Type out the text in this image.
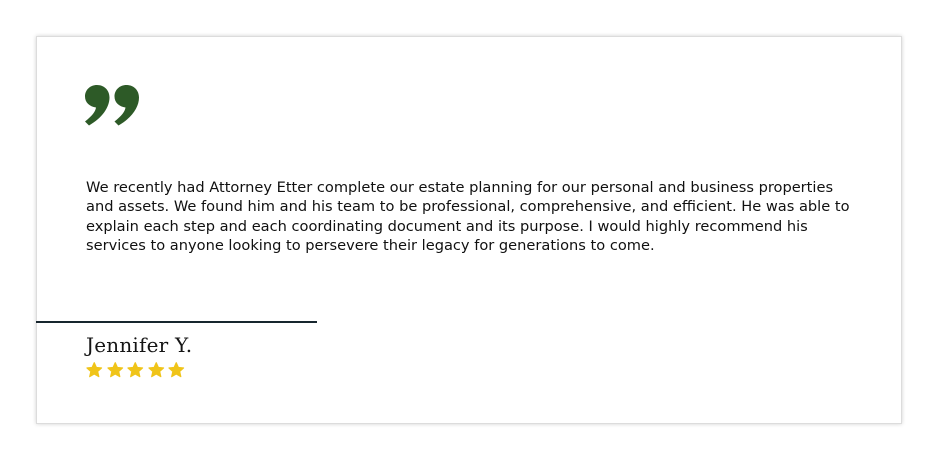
We recently had Attorney Etter complete our estate planning for our personal and business properties and assets. We found him and his team to be professional, comprehensive, and efficient. He was able to explain each step and each coordinating document and its purpose. I would highly recommend his services to anyone looking to persevere their legacy for generations to come.

Jennifer Y.
